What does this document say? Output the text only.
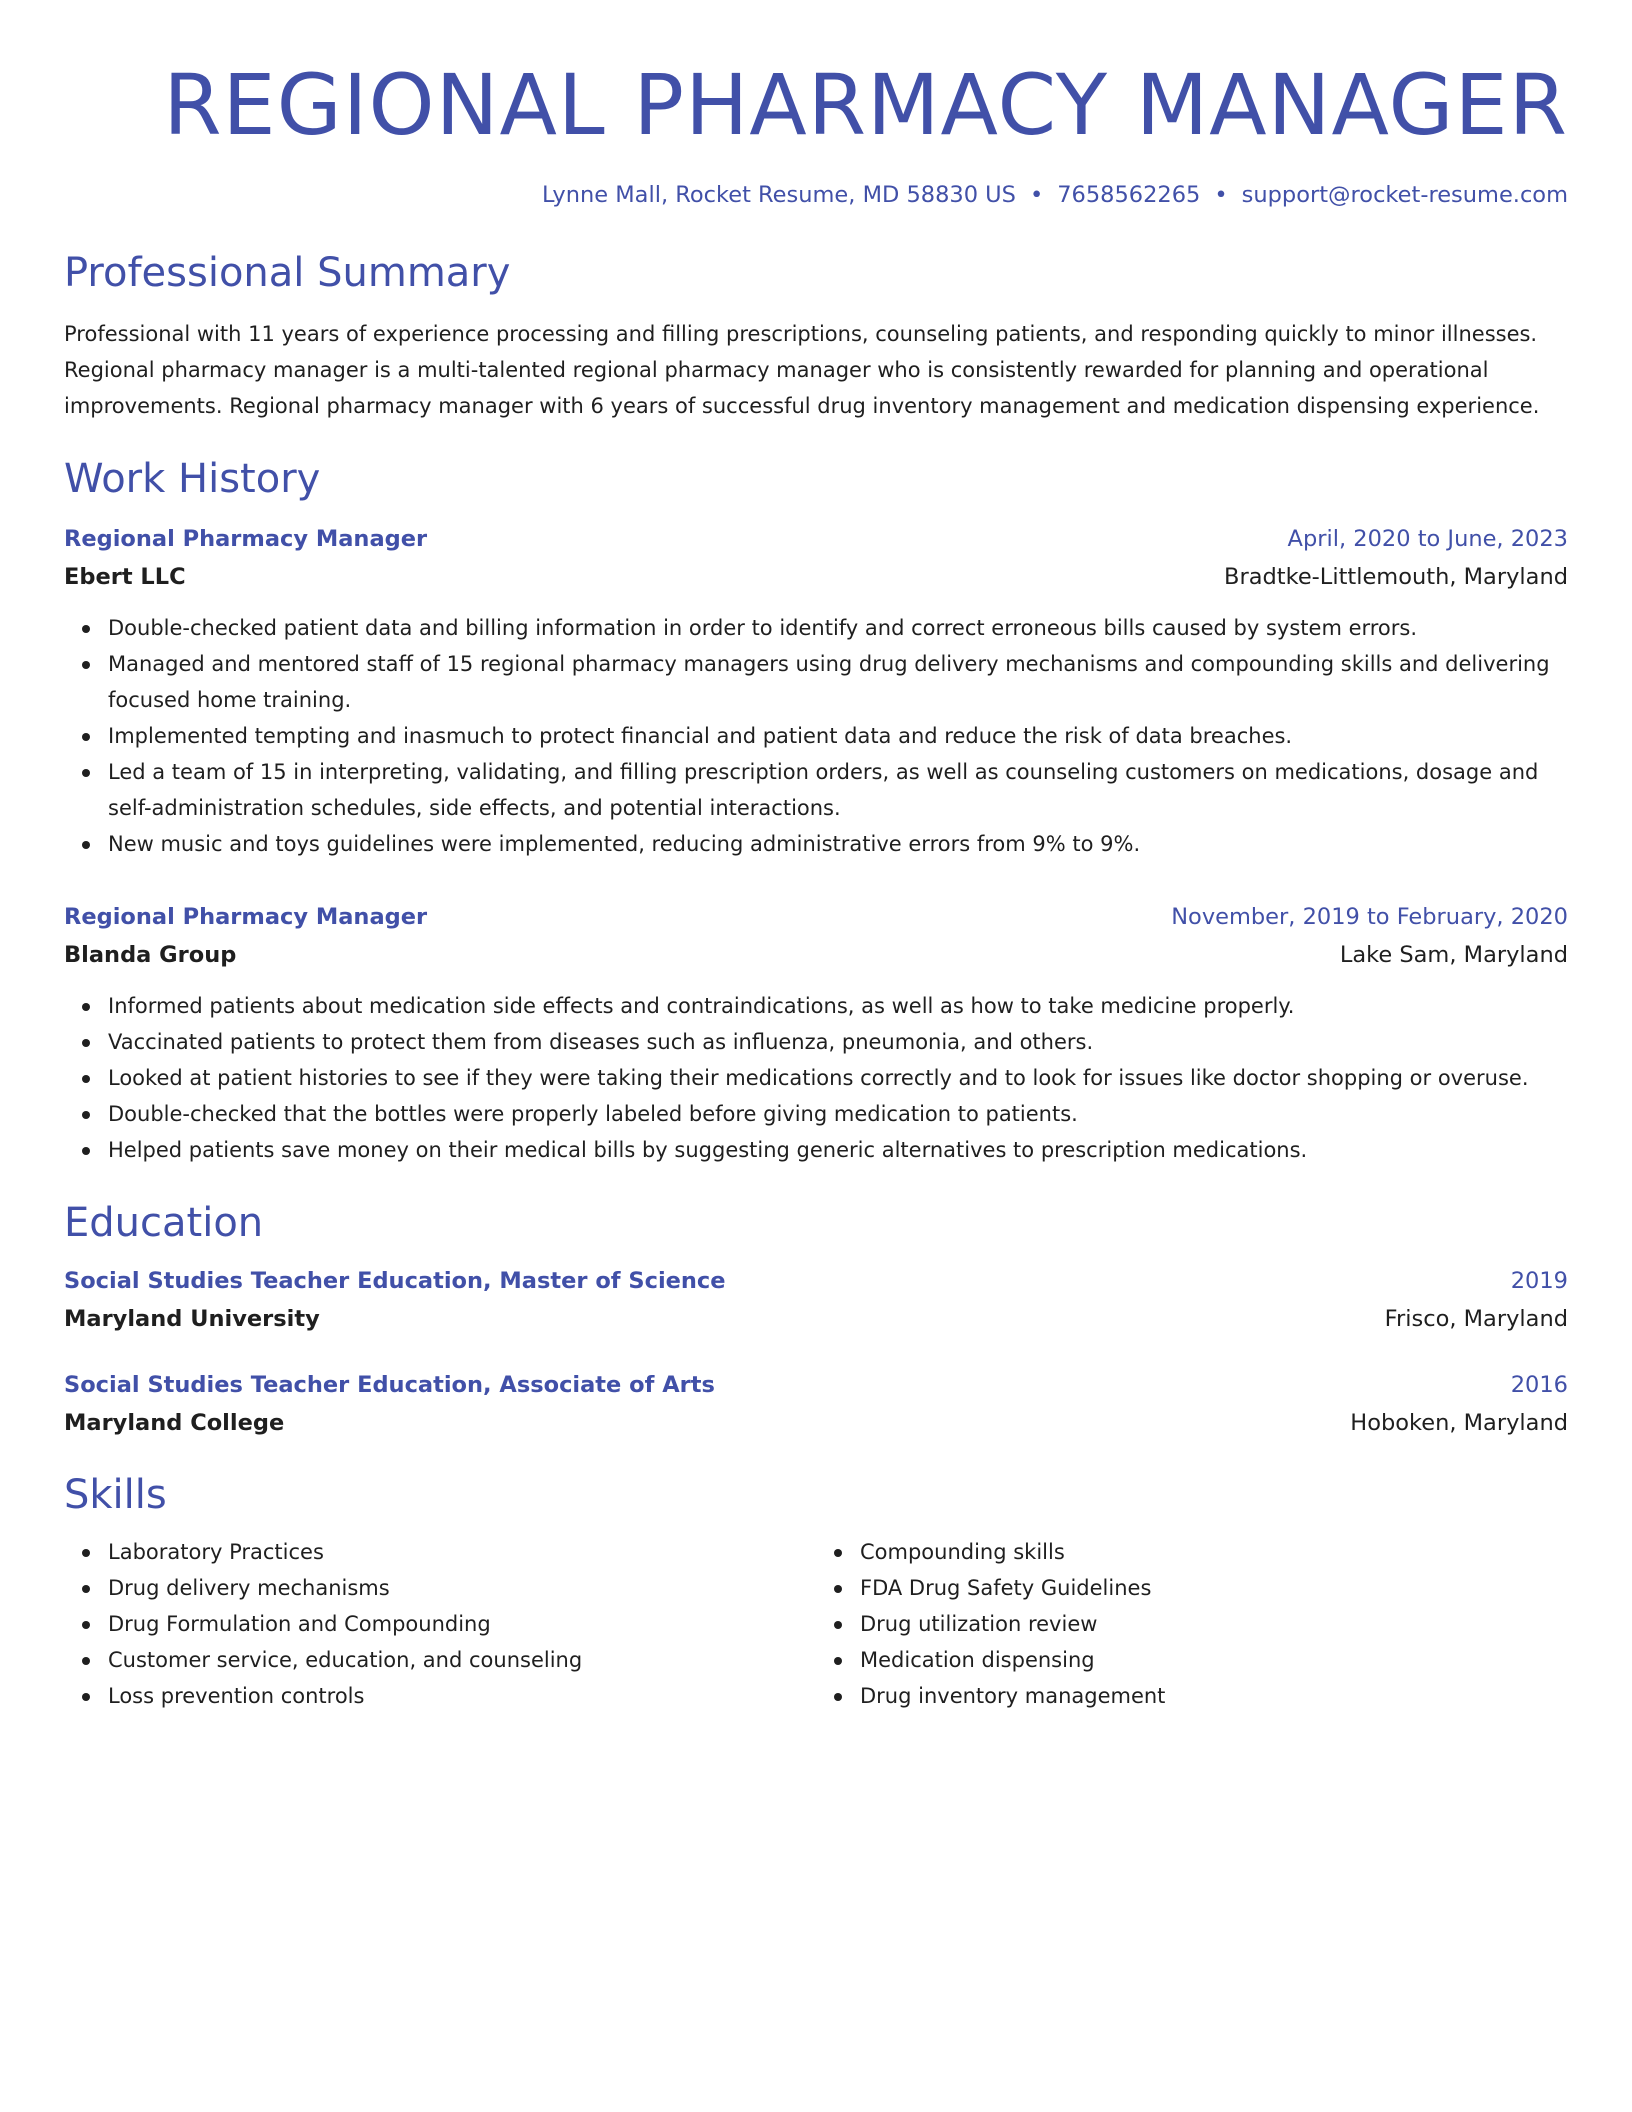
REGIONAL PHARMACY MANAGER
Lynne Mall, Rocket Resume, MD 58830 US • 7658562265 • support@rocket-resume.com
Professional Summary
Professional with 11 years of experience processing and filling prescriptions, counseling patients, and responding quickly to minor illnesses. Regional pharmacy manager is a multi-talented regional pharmacy manager who is consistently rewarded for planning and operational improvements. Regional pharmacy manager with 6 years of successful drug inventory management and medication dispensing experience.
Work History
Regional Pharmacy Manager	April, 2020 to June, 2023
Ebert LLC	Bradtke-Littlemouth, Maryland
Double-checked patient data and billing information in order to identify and correct erroneous bills caused by system errors.
Managed and mentored staff of 15 regional pharmacy managers using drug delivery mechanisms and compounding skills and delivering focused home training.
Implemented tempting and inasmuch to protect financial and patient data and reduce the risk of data breaches.
Led a team of 15 in interpreting, validating, and filling prescription orders, as well as counseling customers on medications, dosage and self-administration schedules, side effects, and potential interactions.
New music and toys guidelines were implemented, reducing administrative errors from 9% to 9%.
Regional Pharmacy Manager	November, 2019 to February, 2020
Blanda Group	Lake Sam, Maryland
Informed patients about medication side effects and contraindications, as well as how to take medicine properly.
Vaccinated patients to protect them from diseases such as influenza, pneumonia, and others.
Looked at patient histories to see if they were taking their medications correctly and to look for issues like doctor shopping or overuse.
Double-checked that the bottles were properly labeled before giving medication to patients.
Helped patients save money on their medical bills by suggesting generic alternatives to prescription medications.
Education
Social Studies Teacher Education, Master of Science	2019
Maryland University	Frisco, Maryland
Social Studies Teacher Education, Associate of Arts	2016
Maryland College	Hoboken, Maryland
Skills
Laboratory Practices
Drug delivery mechanisms
Drug Formulation and Compounding
Customer service, education, and counseling
Loss prevention controls
Compounding skills
FDA Drug Safety Guidelines
Drug utilization review
Medication dispensing
Drug inventory management
